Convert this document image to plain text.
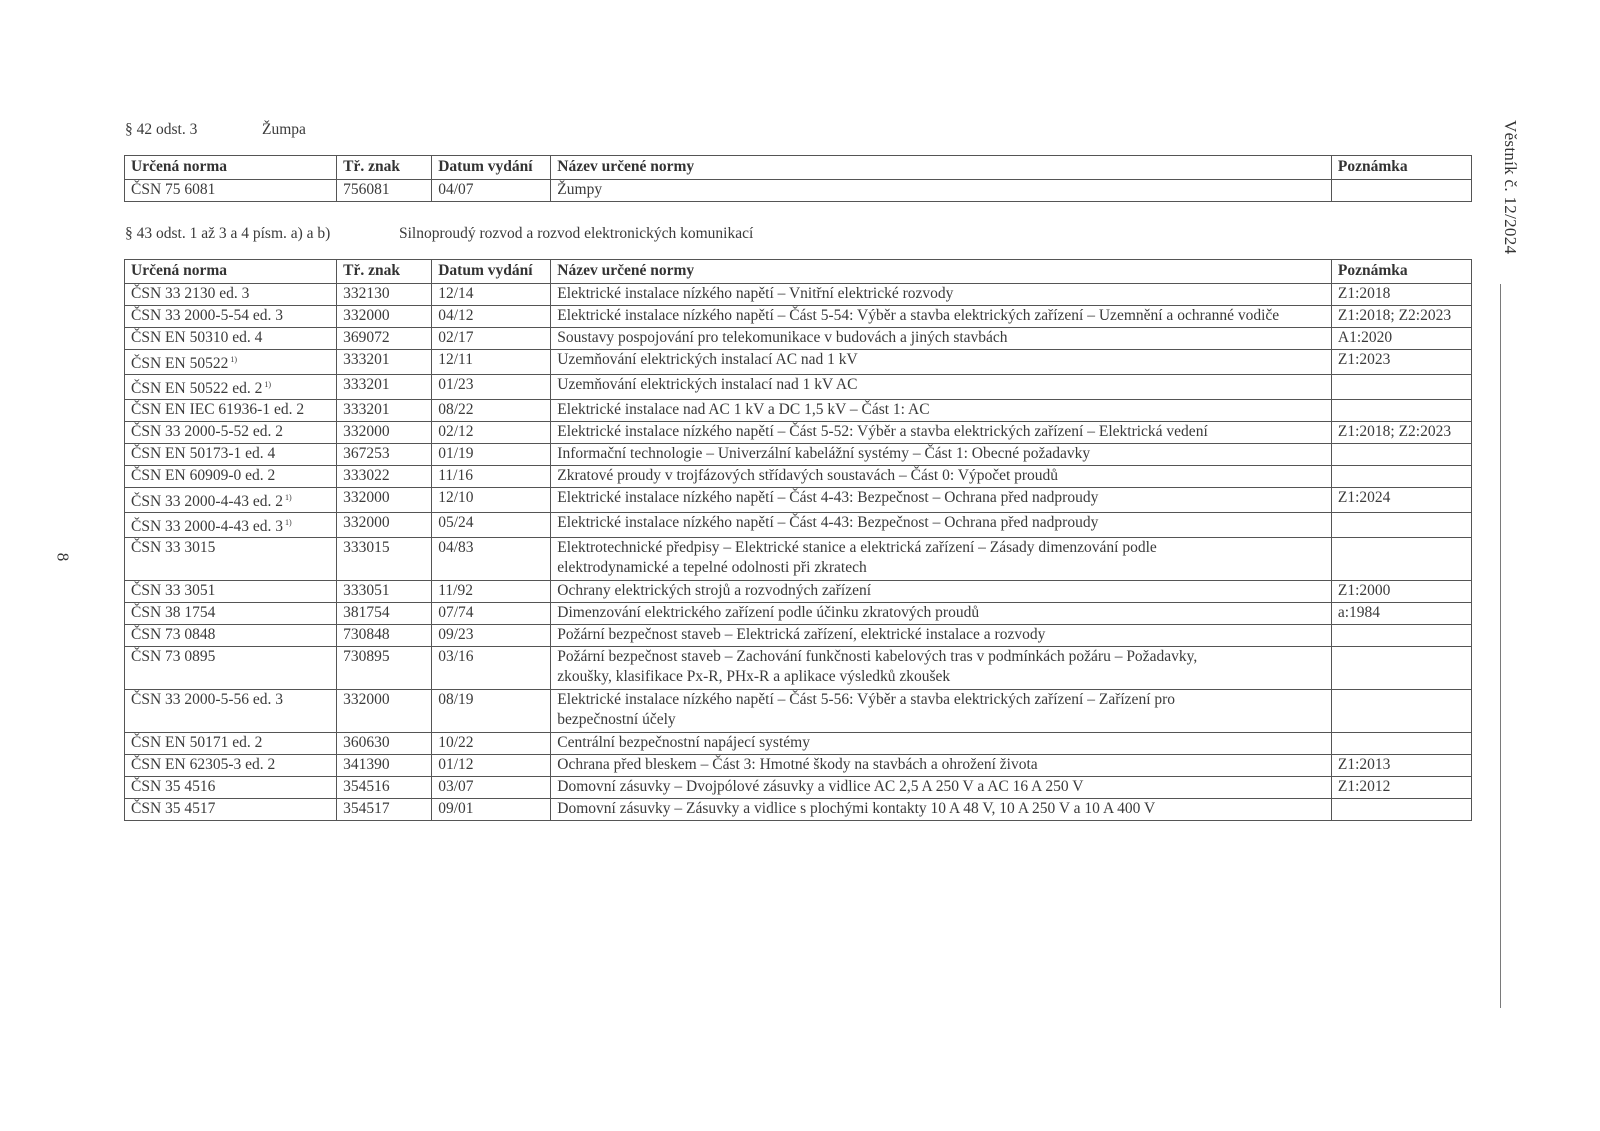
§ 42 odst. 3	Žumpa
Určená norma	Tř. znak	Datum vydání	Název určené normy	Poznámka
ČSN 75 6081	756081	04/07	Žumpy	

§ 43 odst. 1 až 3 a 4 písm. a) a b)	Silnoproudý rozvod a rozvod elektronických komunikací
Určená norma	Tř. znak	Datum vydání	Název určené normy	Poznámka
ČSN 33 2130 ed. 3	332130	12/14	Elektrické instalace nízkého napětí – Vnitřní elektrické rozvody	Z1:2018
ČSN 33 2000-5-54 ed. 3	332000	04/12	Elektrické instalace nízkého napětí – Část 5-54: Výběr a stavba elektrických zařízení – Uzemnění a ochranné vodiče	Z1:2018; Z2:2023
ČSN EN 50310 ed. 4	369072	02/17	Soustavy pospojování pro telekomunikace v budovách a jiných stavbách	A1:2020
ČSN EN 50522 $^{1)}$	333201	12/11	Uzemňování elektrických instalací AC nad 1 kV	Z1:2023
ČSN EN 50522 ed. 2 $^{1)}$	333201	01/23	Uzemňování elektrických instalací nad 1 kV AC	

ČSN EN IEC 61936-1 ed. 2	333201	08/22	Elektrické instalace nad AC 1 kV a DC 1,5 kV – Část 1: AC	

ČSN 33 2000-5-52 ed. 2	332000	02/12	Elektrické instalace nízkého napětí – Část 5-52: Výběr a stavba elektrických zařízení – Elektrická vedení	Z1:2018; Z2:2023
ČSN EN 50173-1 ed. 4	367253	01/19	Informační technologie – Univerzální kabelážní systémy – Část 1: Obecné požadavky	

ČSN EN 60909-0 ed. 2	333022	11/16	Zkratové proudy v trojfázových střídavých soustavách – Část 0: Výpočet proudů	

ČSN 33 2000-4-43 ed. 2 $^{1)}$	332000	12/10	Elektrické instalace nízkého napětí – Část 4-43: Bezpečnost – Ochrana před nadproudy	Z1:2024
ČSN 33 2000-4-43 ed. 3 $^{1)}$	332000	05/24	Elektrické instalace nízkého napětí – Část 4-43: Bezpečnost – Ochrana před nadproudy	

ČSN 33 3015	333015	04/83	Elektrotechnické předpisy – Elektrické stanice a elektrická zařízení – Zásady dimenzování podle
elektrodynamické a tepelné odolnosti při zkratech	

ČSN 33 3051	333051	11/92	Ochrany elektrických strojů a rozvodných zařízení	Z1:2000
ČSN 38 1754	381754	07/74	Dimenzování elektrického zařízení podle účinku zkratových proudů	a:1984
ČSN 73 0848	730848	09/23	Požární bezpečnost staveb – Elektrická zařízení, elektrické instalace a rozvody	

ČSN 73 0895	730895	03/16	Požární bezpečnost staveb – Zachování funkčnosti kabelových tras v podmínkách požáru – Požadavky,
zkoušky, klasifikace Px-R, PHx-R a aplikace výsledků zkoušek	

ČSN 33 2000-5-56 ed. 3	332000	08/19	Elektrické instalace nízkého napětí – Část 5-56: Výběr a stavba elektrických zařízení – Zařízení pro
bezpečnostní účely	

ČSN EN 50171 ed. 2	360630	10/22	Centrální bezpečnostní napájecí systémy	

ČSN EN 62305-3 ed. 2	341390	01/12	Ochrana před bleskem – Část 3: Hmotné škody na stavbách a ohrožení života	Z1:2013
ČSN 35 4516	354516	03/07	Domovní zásuvky – Dvojpólové zásuvky a vidlice AC 2,5 A 250 V a AC 16 A 250 V	Z1:2012
ČSN 35 4517	354517	09/01	Domovní zásuvky – Zásuvky a vidlice s plochými kontakty 10 A 48 V, 10 A 250 V a 10 A 400 V	

Věstník č. 12/2024
8
